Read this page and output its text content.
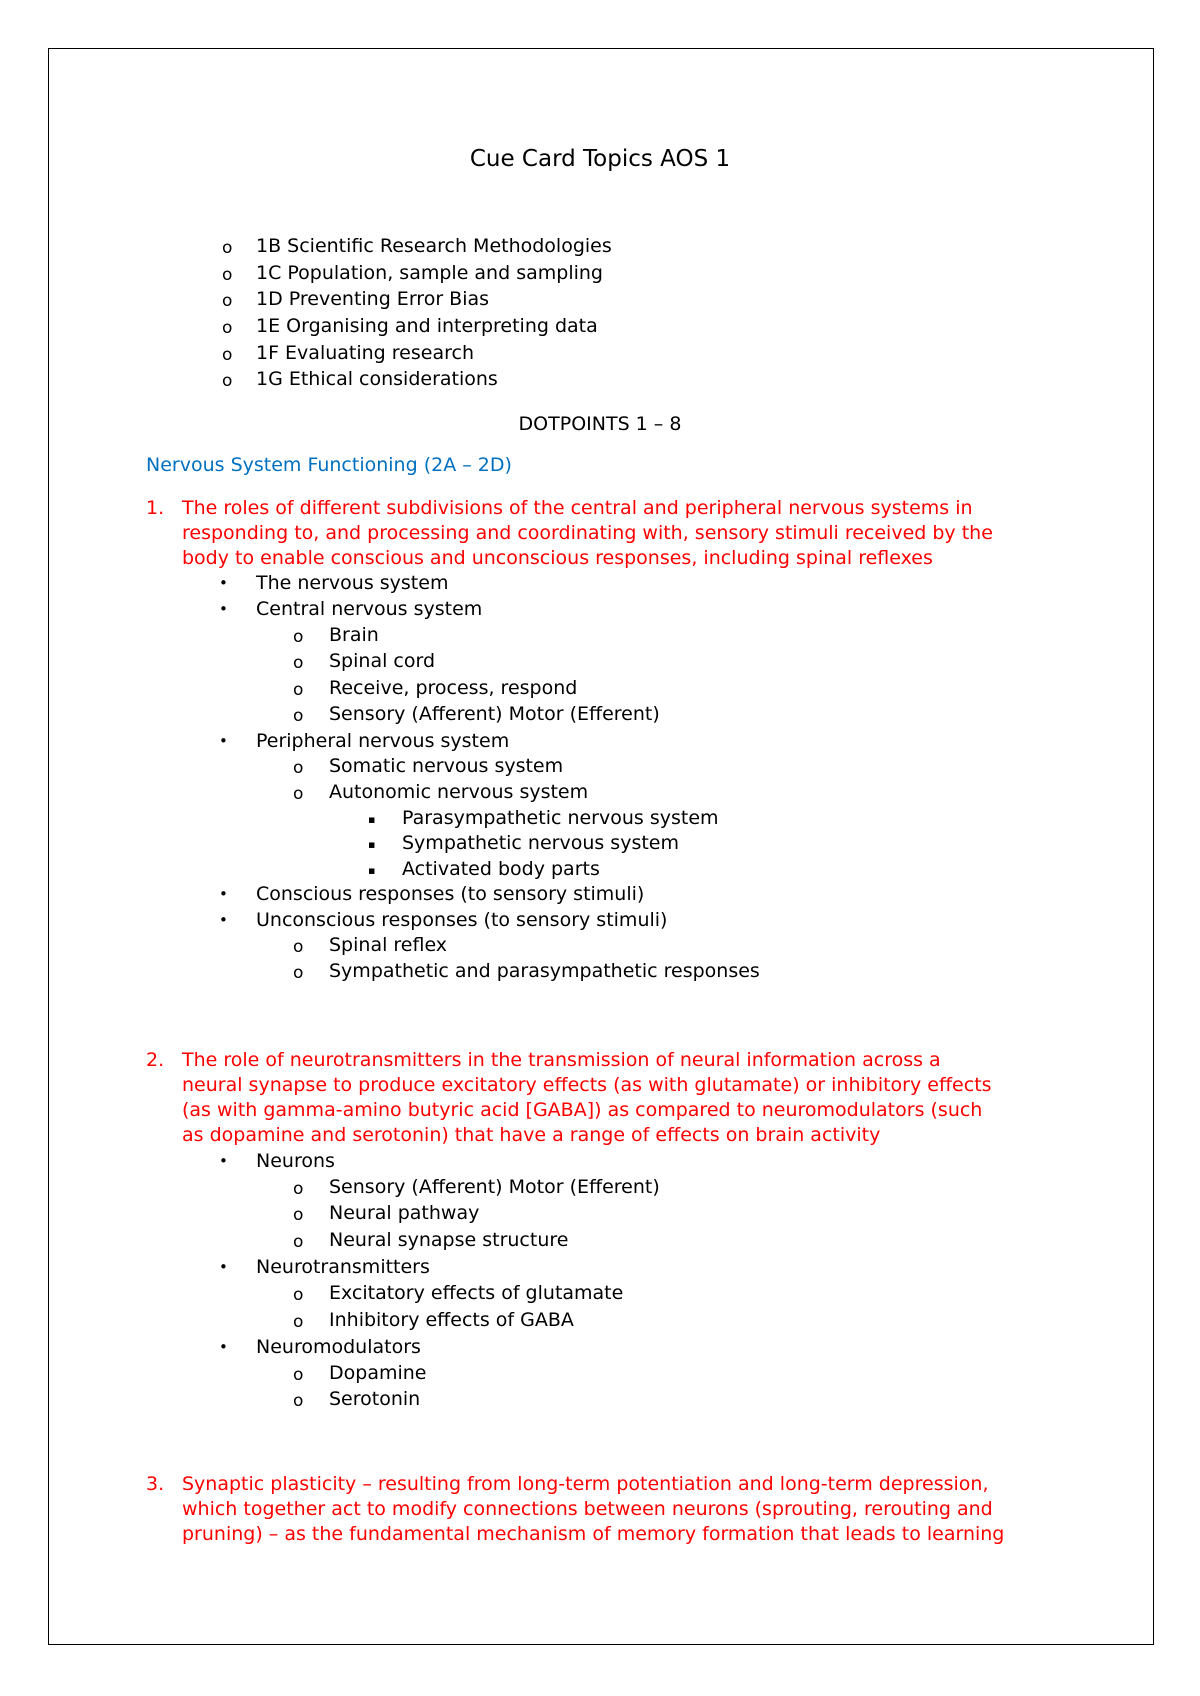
Cue Card Topics AOS 1
o 1B Scientific Research Methodologies
o 1C Population, sample and sampling
o 1D Preventing Error Bias
o 1E Organising and interpreting data
o 1F Evaluating research
o 1G Ethical considerations
DOTPOINTS 1 – 8
Nervous System Functioning (2A – 2D)
1. The roles of different subdivisions of the central and peripheral nervous systems in
responding to, and processing and coordinating with, sensory stimuli received by the
body to enable conscious and unconscious responses, including spinal reflexes
• The nervous system
• Central nervous system
o Brain
o Spinal cord
o Receive, process, respond
o Sensory (Afferent) Motor (Efferent)
• Peripheral nervous system
o Somatic nervous system
o Autonomic nervous system
▪ Parasympathetic nervous system
▪ Sympathetic nervous system
▪ Activated body parts
• Conscious responses (to sensory stimuli)
• Unconscious responses (to sensory stimuli)
o Spinal reflex
o Sympathetic and parasympathetic responses
2. The role of neurotransmitters in the transmission of neural information across a
neural synapse to produce excitatory effects (as with glutamate) or inhibitory effects
(as with gamma-amino butyric acid [GABA]) as compared to neuromodulators (such
as dopamine and serotonin) that have a range of effects on brain activity
• Neurons
o Sensory (Afferent) Motor (Efferent)
o Neural pathway
o Neural synapse structure
• Neurotransmitters
o Excitatory effects of glutamate
o Inhibitory effects of GABA
• Neuromodulators
o Dopamine
o Serotonin
3. Synaptic plasticity – resulting from long-term potentiation and long-term depression,
which together act to modify connections between neurons (sprouting, rerouting and
pruning) – as the fundamental mechanism of memory formation that leads to learning
